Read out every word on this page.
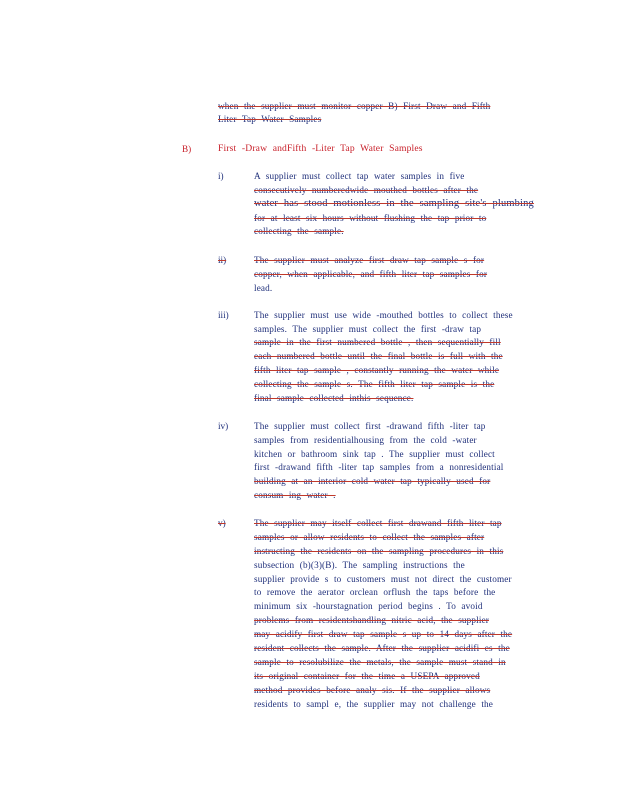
when the supplier must monitor copper B) First Draw and Fifth
Liter Tap Water Samples
B)	First -Draw andFifth -Liter Tap Water Samples
i)	A supplier must collect tap water samples in five
consecutively numberedwide mouthed bottles after the
water has stood motionless in the sampling site's plumbing
for at least six hours without flushing the tap prior to
collecting the sample.
ii)	The supplier must analyze first draw tap sample s for
copper, when applicable, and fifth liter tap samples for
lead.
iii)	The supplier must use wide -mouthed bottles to collect these
samples. The supplier must collect the first -draw tap
sample in the first numbered bottle , then sequentially fill
each numbered bottle until the final bottle is full with the
fifth liter tap sample , constantly running the water while
collecting the sample s. The fifth liter tap sample is the
final sample collected inthis sequence.
iv)	The supplier must collect first -drawand fifth -liter tap
samples from residentialhousing from the cold -water
kitchen or bathroom sink tap . The supplier must collect
first -drawand fifth -liter tap samples from a nonresidential
building at an interior cold water tap typically used for
consum ing water .
v)	The supplier may itself collect first drawand fifth liter tap
samples or allow residents to collect the samples after
instructing the residents on the sampling procedures in this
subsection (b)(3)(B). The sampling instructions the
supplier provide s to customers must not direct the customer
to remove the aerator orclean orflush the taps before the
minimum six -hourstagnation period begins . To avoid
problems from residentshandling nitric acid, the supplier
may acidify first draw tap sample s up to 14 days after the
resident collects the sample. After the supplier acidifi es the
sample to resolubilize the metals, the sample must stand in
its original container for the time a USEPA approved
method provides before analy sis. If the supplier allows
residents to sampl e, the supplier may not challenge the
